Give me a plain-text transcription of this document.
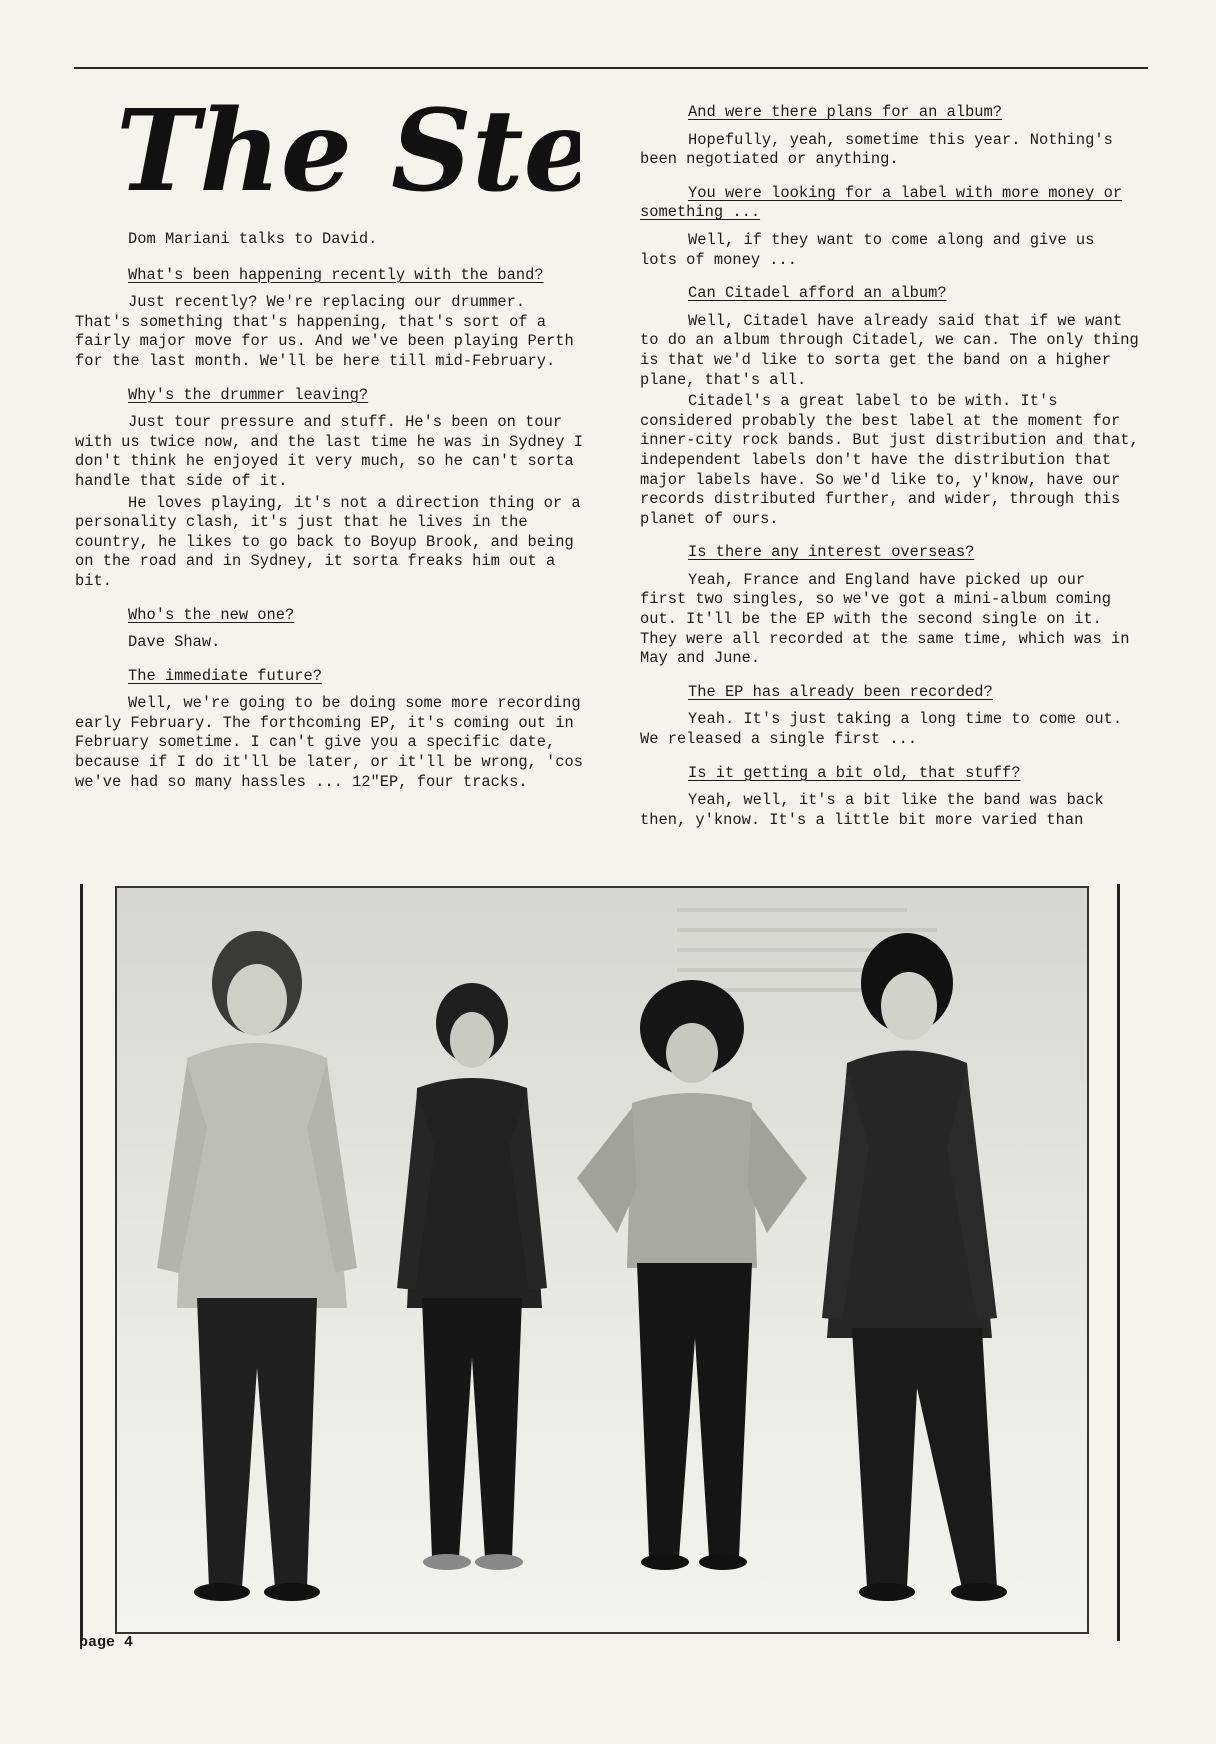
The St

Dom Mariani talks to David.

What's been happening recently with the band?

Just recently? We're replacing our drummer. That's something that's happening, that's sort of a fairly major move for us. And we've been playing Perth for the last month. We'll be here till mid-February.

Why's the drummer leaving?

Just tour pressure and stuff. He's been on tour with us twice now, and the last time he was in Sydney I don't think he enjoyed it very much, so he can't sorta handle that side of it.

He loves playing, it's not a direction thing or a personality clash, it's just that he lives in the country, he likes to go back to Boyup Brook, and being on the road and in Sydney, it sorta freaks him out a bit.

Who's the new one?

Dave Shaw.

The immediate future?

Well, we're going to be doing some more recording early February. The forthcoming EP, it's coming out in February sometime. I can't give you a specific date, because if I do it'll be later, or it'll be wrong, 'cos we've had so many hassles ... 12"EP, four tracks.

And were there plans for an album?

Hopefully, yeah, sometime this year. Nothing's been negotiated or anything.

You were looking for a label with more money or something ...

Well, if they want to come along and give us lots of money ...

Can Citadel afford an album?

Well, Citadel have already said that if we want to do an album through Citadel, we can. The only thing is that we'd like to sorta get the band on a higher plane, that's all.

Citadel's a great label to be with. It's considered probably the best label at the moment for inner-city rock bands. But just distribution and that, independent labels don't have the distribution that major labels have. So we'd like to, y'know, have our records distributed further, and wider, through this planet of ours.

Is there any interest overseas?

Yeah, France and England have picked up our first two singles, so we've got a mini-album coming out. It'll be the EP with the second single on it. They were all recorded at the same time, which was in May and June.

The EP has already been recorded?

Yeah. It's just taking a long time to come out. We released a single first ...

Is it getting a bit old, that stuff?

Yeah, well, it's a bit like the band was back then, y'know. It's a little bit more varied than

page 4
